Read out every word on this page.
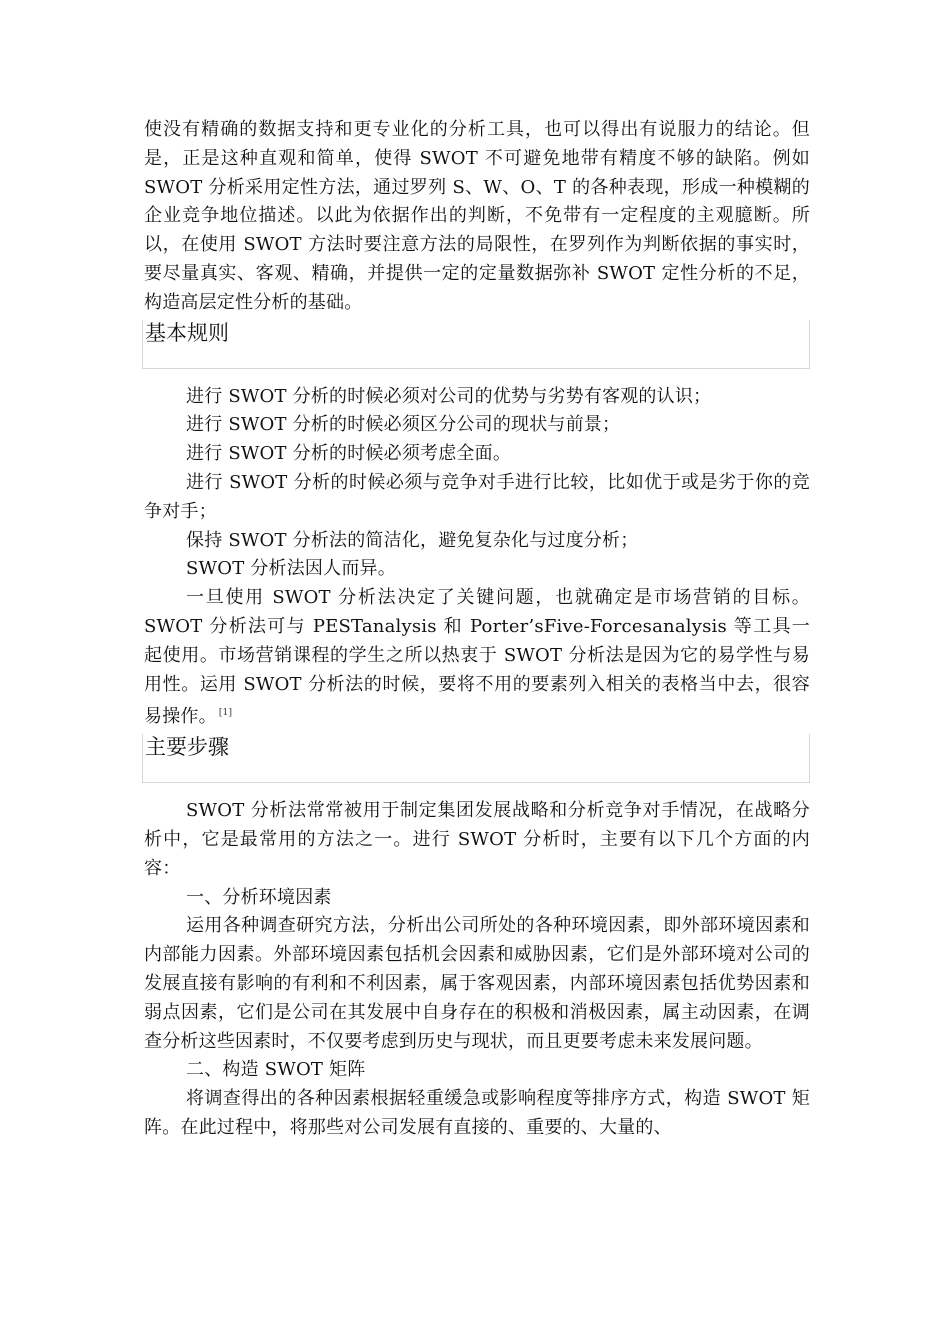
使没有精确的数据支持和更专业化的分析工具，也可以得出有说服力的结论。但是，正是这种直观和简单，使得 SWOT 不可避免地带有精度不够的缺陷。例如 SWOT 分析采用定性方法，通过罗列 S、W、O、T 的各种表现，形成一种模糊的企业竞争地位描述。以此为依据作出的判断，不免带有一定程度的主观臆断。所以，在使用 SWOT 方法时要注意方法的局限性，在罗列作为判断依据的事实时，要尽量真实、客观、精确，并提供一定的定量数据弥补 SWOT 定性分析的不足，构造高层定性分析的基础。

基本规则

进行 SWOT 分析的时候必须对公司的优势与劣势有客观的认识；

进行 SWOT 分析的时候必须区分公司的现状与前景；

进行 SWOT 分析的时候必须考虑全面。

进行 SWOT 分析的时候必须与竞争对手进行比较，比如优于或是劣于你的竞争对手；

保持 SWOT 分析法的简洁化，避免复杂化与过度分析；

SWOT 分析法因人而异。

一旦使用 SWOT 分析法决定了关键问题，也就确定是市场营销的目标。SWOT 分析法可与 PESTanalysis 和 Porter’sFive-Forcesanalysis 等工具一起使用。市场营销课程的学生之所以热衷于 SWOT 分析法是因为它的易学性与易用性。运用 SWOT 分析法的时候，要将不用的要素列入相关的表格当中去，很容易操作。 [1]

主要步骤

SWOT 分析法常常被用于制定集团发展战略和分析竞争对手情况，在战略分析中，它是最常用的方法之一。进行 SWOT 分析时，主要有以下几个方面的内容：

一、分析环境因素

运用各种调查研究方法，分析出公司所处的各种环境因素，即外部环境因素和内部能力因素。外部环境因素包括机会因素和威胁因素，它们是外部环境对公司的发展直接有影响的有利和不利因素，属于客观因素，内部环境因素包括优势因素和弱点因素，它们是公司在其发展中自身存在的积极和消极因素，属主动因素，在调查分析这些因素时，不仅要考虑到历史与现状，而且更要考虑未来发展问题。

二、构造 SWOT 矩阵

将调查得出的各种因素根据轻重缓急或影响程度等排序方式，构造 SWOT 矩阵。在此过程中，将那些对公司发展有直接的、重要的、大量的、
